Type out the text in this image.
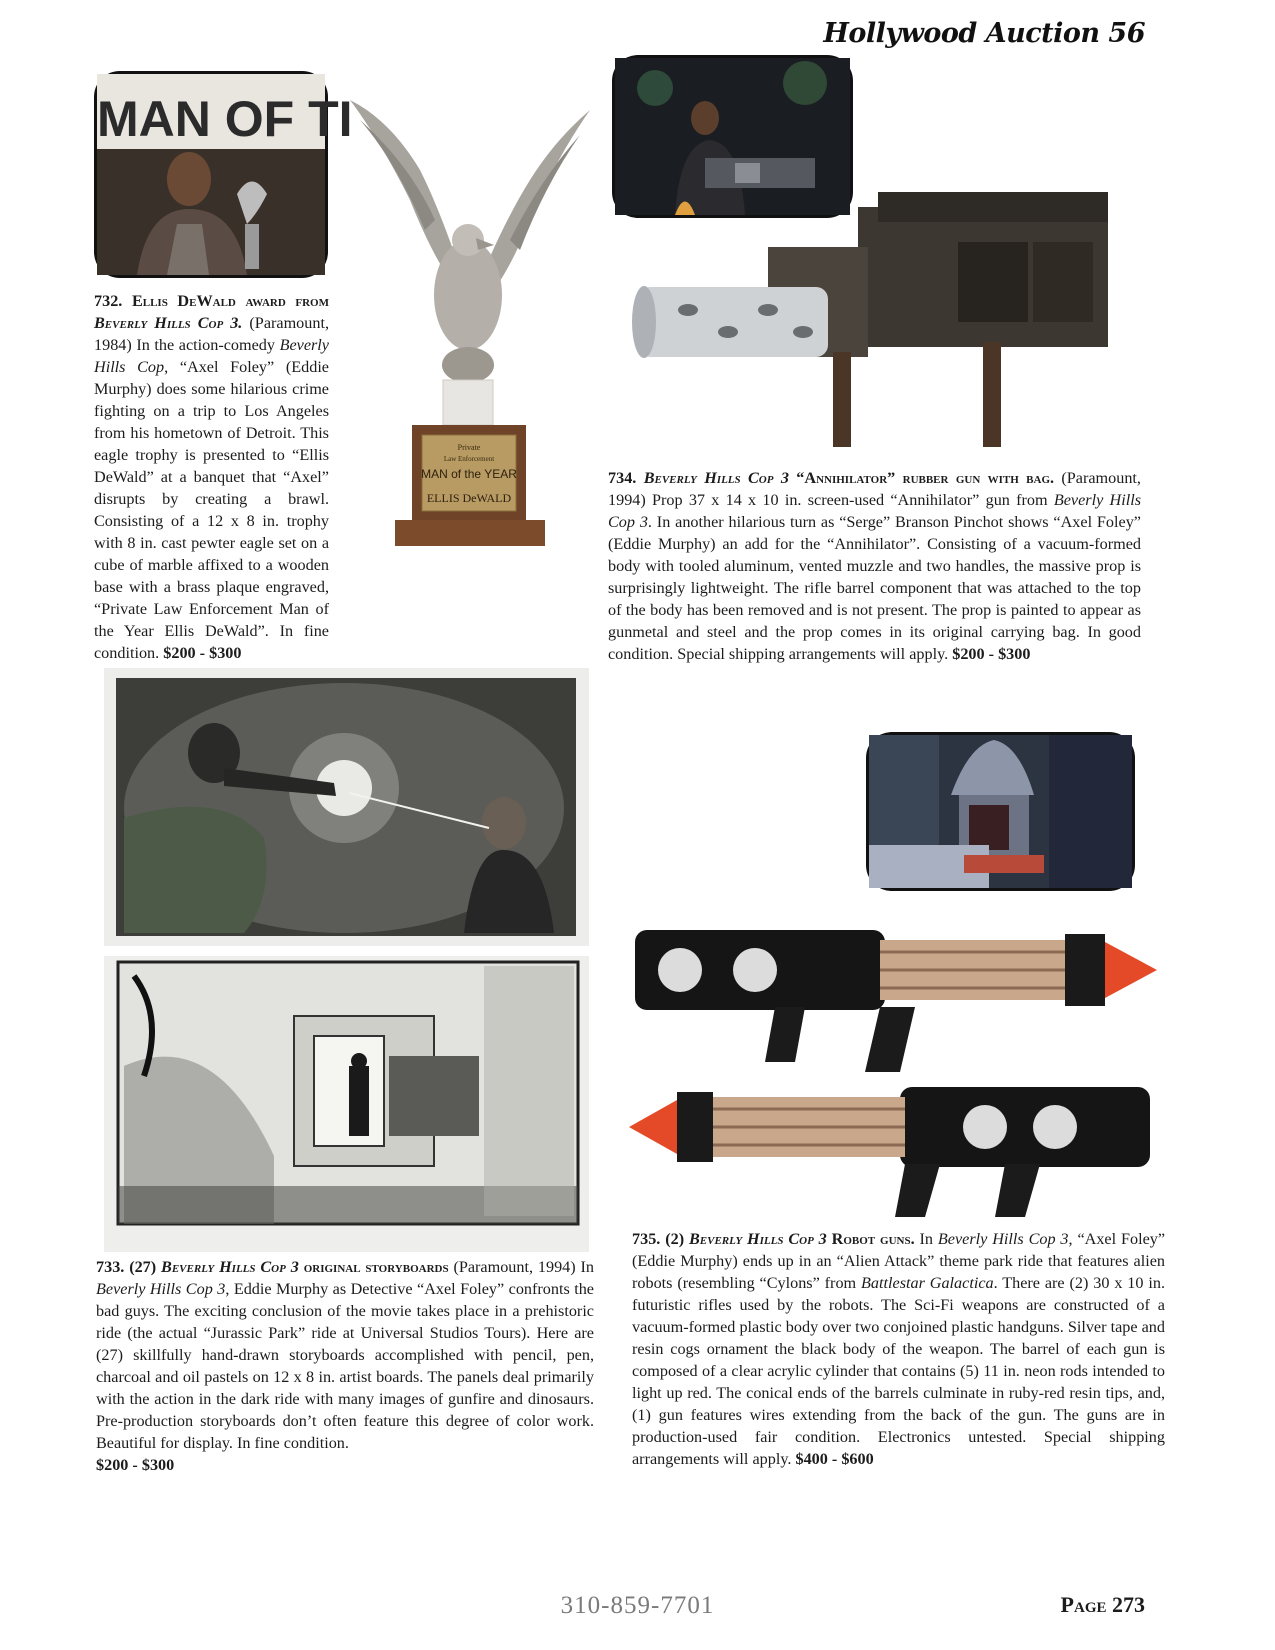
Hollywood Auction 56
MAN OF TI
Private
Law Enforcement
MAN of the YEAR
ELLIS DeWALD

732. Ellis DeWald award from Beverly Hills Cop 3. (Paramount, 1984) In the action-comedy Beverly Hills Cop, “Axel Foley” (Eddie Murphy) does some hilarious crime fighting on a trip to Los Angeles from his hometown of Detroit. This eagle trophy is presented to “Ellis DeWald” at a banquet that “Axel” disrupts by creating a brawl. Consisting of a 12 x 8 in. trophy with 8 in. cast pewter eagle set on a cube of marble affixed to a wooden base with a brass plaque engraved, “Private Law Enforcement Man of the Year Ellis DeWald”. In fine condition. $200 - $300

734. Beverly Hills Cop 3 “Annihilator” rubber gun with bag. (Paramount, 1994) Prop 37 x 14 x 10 in. screen-used “Annihilator” gun from Beverly Hills Cop 3. In another hilarious turn as “Serge” Branson Pinchot shows “Axel Foley” (Eddie Murphy) an add for the “Annihilator”. Consisting of a vacuum-formed body with tooled aluminum, vented muzzle and two handles, the massive prop is surprisingly lightweight. The rifle barrel component that was attached to the top of the body has been removed and is not present. The prop is painted to appear as gunmetal and steel and the prop comes in its original carrying bag. In good condition. Special shipping arrangements will apply. $200 - $300

733. (27) Beverly Hills Cop 3 original storyboards (Paramount, 1994) In Beverly Hills Cop 3, Eddie Murphy as Detective “Axel Foley” confronts the bad guys. The exciting conclusion of the movie takes place in a prehistoric ride (the actual “Jurassic Park” ride at Universal Studios Tours). Here are (27) skillfully hand-drawn storyboards accomplished with pencil, pen, charcoal and oil pastels on 12 x 8 in. artist boards. The panels deal primarily with the action in the dark ride with many images of gunfire and dinosaurs. Pre-production storyboards don’t often feature this degree of color work. Beautiful for display. In fine condition.
$200 - $300

735. (2) Beverly Hills Cop 3 Robot guns. In Beverly Hills Cop 3, “Axel Foley” (Eddie Murphy) ends up in an “Alien Attack” theme park ride that features alien robots (resembling “Cylons” from Battlestar Galactica. There are (2) 30 x 10 in. futuristic rifles used by the robots. The Sci-Fi weapons are constructed of a vacuum-formed plastic body over two conjoined plastic handguns. Silver tape and resin cogs ornament the black body of the weapon. The barrel of each gun is composed of a clear acrylic cylinder that contains (5) 11 in. neon rods intended to light up red. The conical ends of the barrels culminate in ruby-red resin tips, and, (1) gun features wires extending from the back of the gun. The guns are in production-used fair condition. Electronics untested. Special shipping arrangements will apply. $400 - $600

310-859-7701	Page 273
